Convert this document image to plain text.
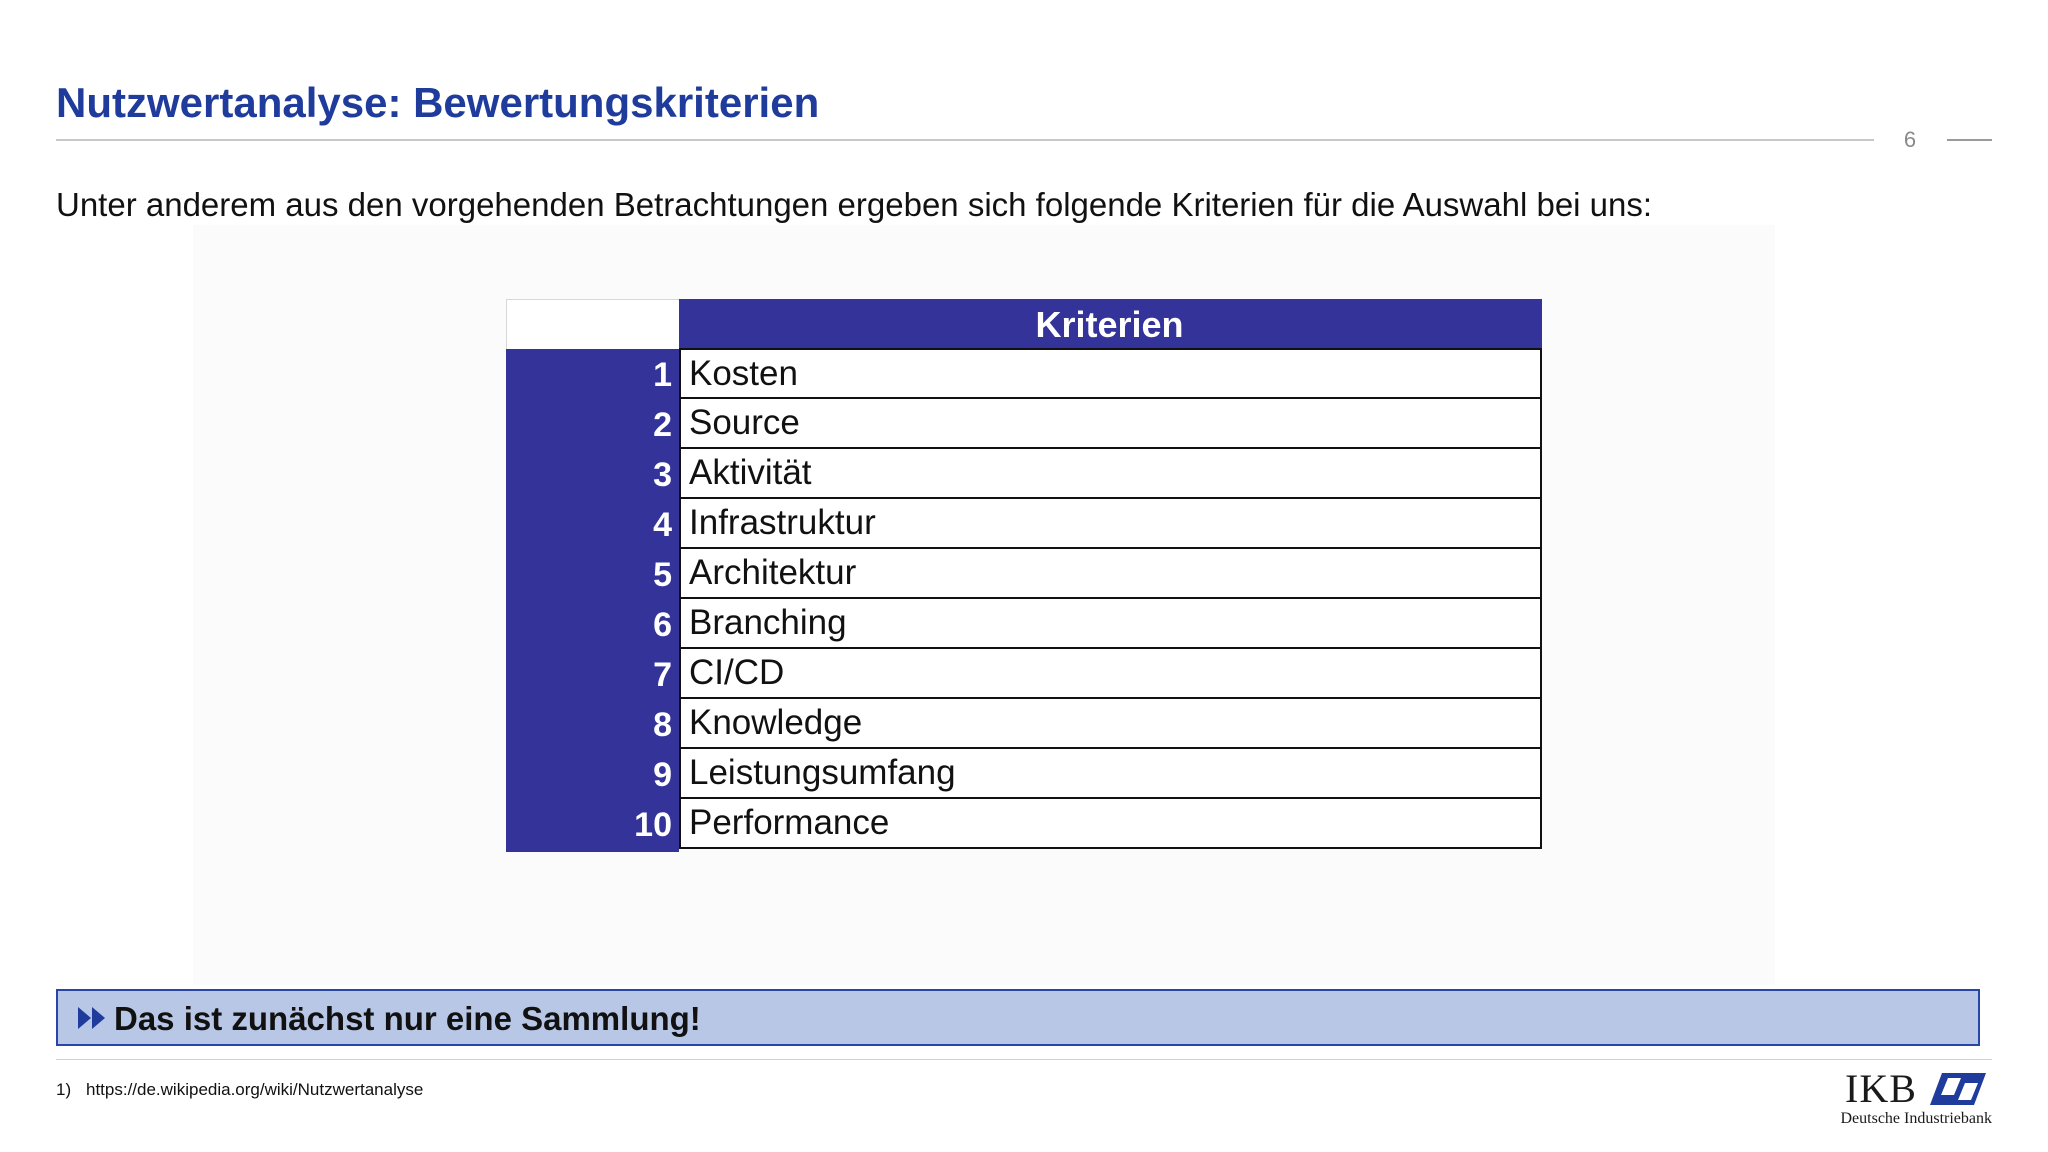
Nutzwertanalyse: Bewertungskriterien
6
Unter anderem aus den vorgehenden Betrachtungen ergeben sich folgende Kriterien für die Auswahl bei uns:
Kriterien
1 Kosten
2 Source
3 Aktivität
4 Infrastruktur
5 Architektur
6 Branching
7 CI/CD
8 Knowledge
9 Leistungsumfang
10 Performance
Das ist zunächst nur eine Sammlung!
1) https://de.wikipedia.org/wiki/Nutzwertanalyse	IKB
Deutsche Industriebank
